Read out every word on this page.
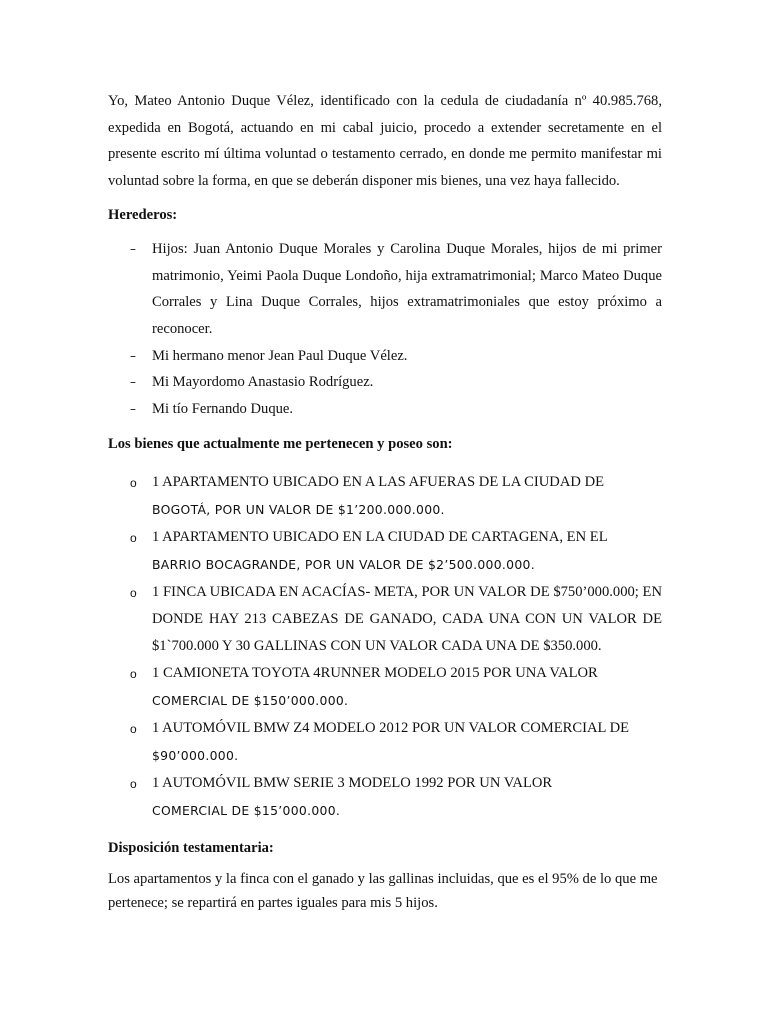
Yo, Mateo Antonio Duque Vélez, identificado con la cedula de ciudadanía nº 40.985.768, expedida en Bogotá, actuando en mi cabal juicio, procedo a extender secretamente en el presente escrito mí última voluntad o testamento cerrado, en donde me permito manifestar mi voluntad sobre la forma, en que se deberán disponer mis bienes, una vez haya fallecido.

Herederos:

– Hijos: Juan Antonio Duque Morales y Carolina Duque Morales, hijos de mi primer matrimonio, Yeimi Paola Duque Londoño, hija extramatrimonial; Marco Mateo Duque Corrales y Lina Duque Corrales, hijos extramatrimoniales que estoy próximo a reconocer.
– Mi hermano menor Jean Paul Duque Vélez.
– Mi Mayordomo Anastasio Rodríguez.
– Mi tío Fernando Duque.

Los bienes que actualmente me pertenecen y poseo son:

o 1 APARTAMENTO UBICADO EN A LAS AFUERAS DE LA CIUDAD DE
BOGOTÁ, POR UN VALOR DE $1’200.000.000.
o 1 APARTAMENTO UBICADO EN LA CIUDAD DE CARTAGENA, EN EL
BARRIO BOCAGRANDE, POR UN VALOR DE $2’500.000.000.
o 1 FINCA UBICADA EN ACACÍAS- META, POR UN VALOR DE $750’000.000; EN DONDE HAY 213 CABEZAS DE GANADO, CADA UNA CON UN VALOR DE $1`700.000 Y 30 GALLINAS CON UN VALOR CADA UNA DE $350.000.
o 1 CAMIONETA TOYOTA 4RUNNER MODELO 2015 POR UNA VALOR
COMERCIAL DE $150’000.000.
o 1 AUTOMÓVIL BMW Z4 MODELO 2012 POR UN VALOR COMERCIAL DE
$90’000.000.
o 1 AUTOMÓVIL BMW SERIE 3 MODELO 1992 POR UN VALOR
COMERCIAL DE $15’000.000.

Disposición testamentaria:

Los apartamentos y la finca con el ganado y las gallinas incluidas, que es el 95% de lo que me pertenece; se repartirá en partes iguales para mis 5 hijos.
